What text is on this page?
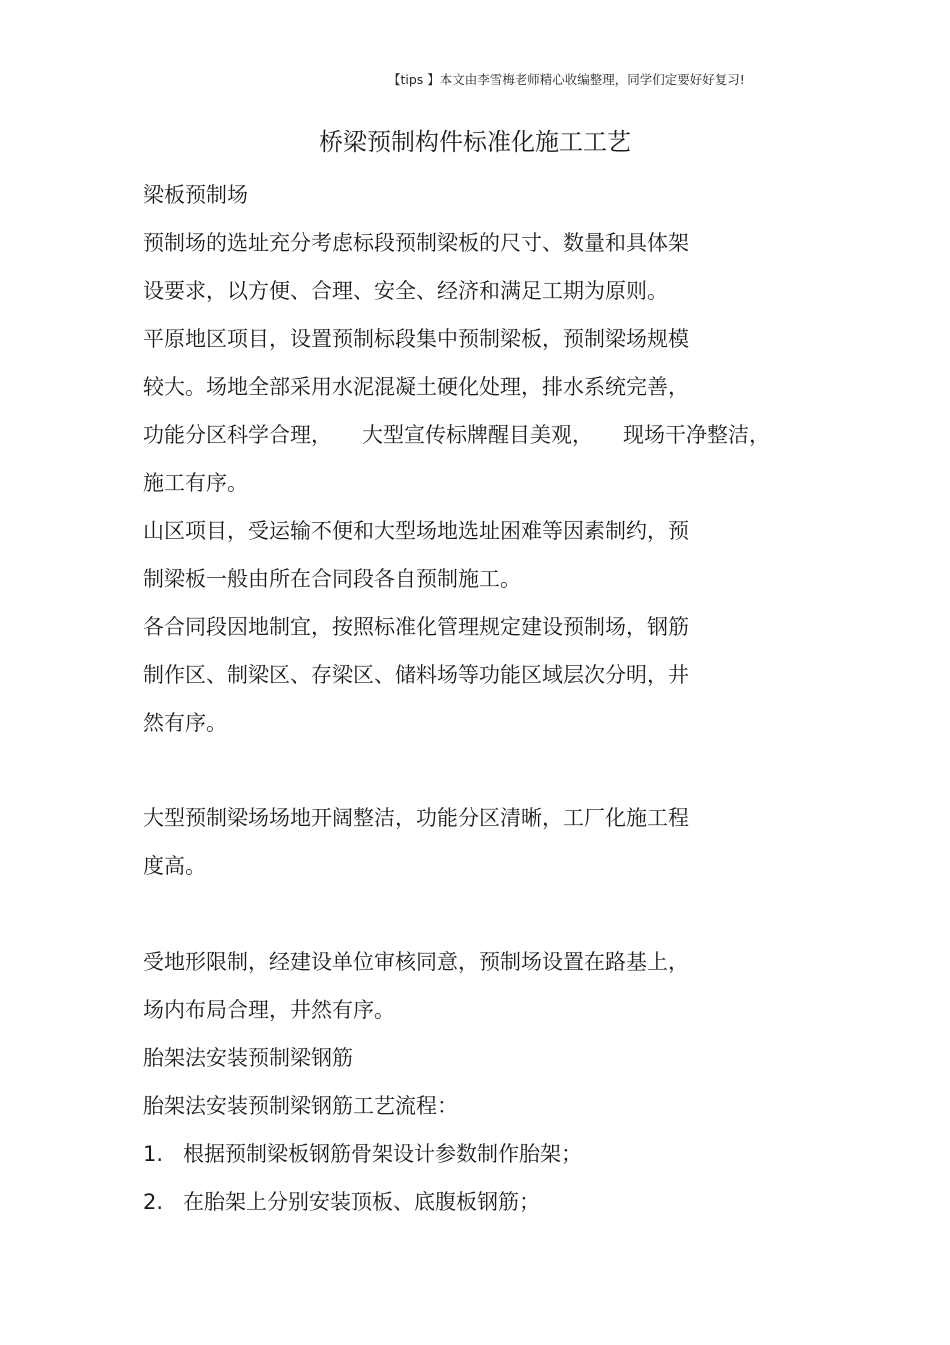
【tips 】本文由李雪梅老师精心收编整理，同学们定要好好复习!
桥梁预制构件标准化施工工艺
梁板预制场
预制场的选址充分考虑标段预制梁板的尺寸、数量和具体架
设要求，以方便、合理、安全、经济和满足工期为原则。
平原地区项目，设置预制标段集中预制梁板，预制梁场规模
较大。场地全部采用水泥混凝土硬化处理，排水系统完善，
功能分区科学合理， 大型宣传标牌醒目美观， 现场干净整洁，
施工有序。
山区项目，受运输不便和大型场地选址困难等因素制约，预
制梁板一般由所在合同段各自预制施工。
各合同段因地制宜，按照标准化管理规定建设预制场，钢筋
制作区、制梁区、存梁区、储料场等功能区域层次分明，井
然有序。
大型预制梁场场地开阔整洁，功能分区清晰，工厂化施工程
度高。
受地形限制，经建设单位审核同意，预制场设置在路基上，
场内布局合理，井然有序。
胎架法安装预制梁钢筋
胎架法安装预制梁钢筋工艺流程：
1. 根据预制梁板钢筋骨架设计参数制作胎架；
2. 在胎架上分别安装顶板、底腹板钢筋；
